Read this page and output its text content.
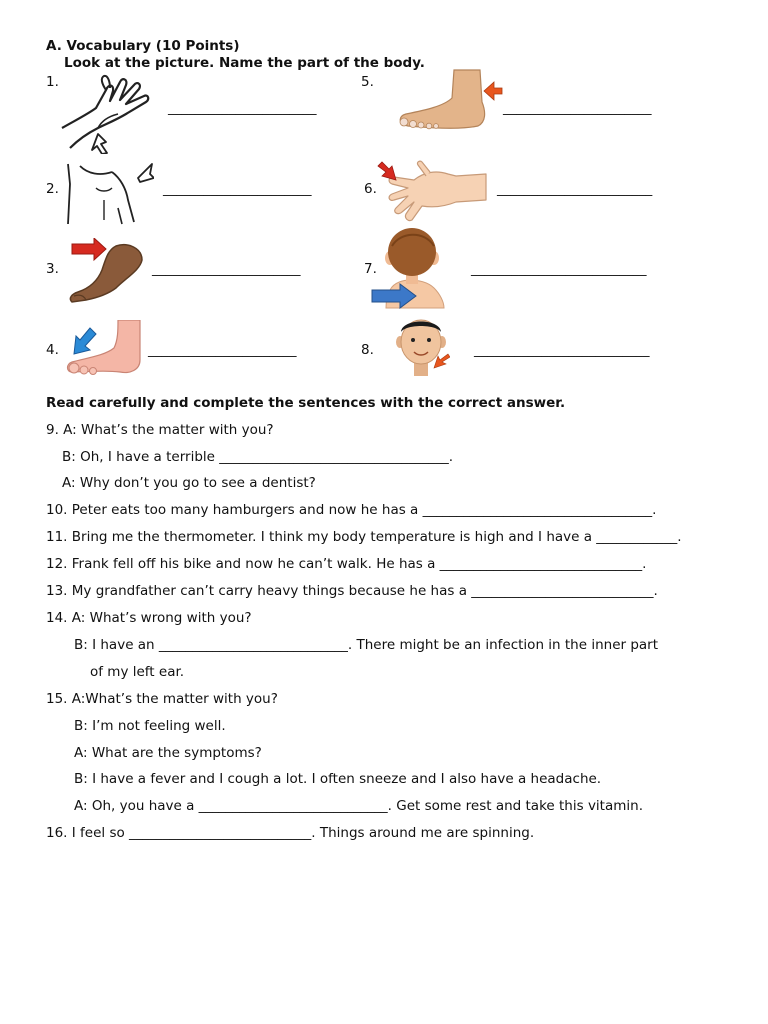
A. Vocabulary (10 Points)
Look at the picture. Name the part of the body.
1.
2.
3.
4.
5.
6.
7.
8.
______________________
______________________
______________________
______________________
______________________
_______________________
__________________________
__________________________
Read carefully and complete the sentences with the correct answer.
9. A: What’s the matter with you?
B: Oh, I have a terrible __________________________________.
A: Why don’t you go to see a dentist?
10. Peter eats too many hamburgers and now he has a __________________________________.
11. Bring me the thermometer. I think my body temperature is high and I have a ____________.
12. Frank fell off his bike and now he can’t walk. He has a ______________________________.
13. My grandfather can’t carry heavy things because he has a ___________________________.
14. A: What’s wrong with you?
B: I have an ____________________________. There might be an infection in the inner part
of my left ear.
15. A:What’s the matter with you?
B: I’m not feeling well.
A: What are the symptoms?
B: I have a fever and I cough a lot. I often sneeze and I also have a headache.
A: Oh, you have a ____________________________. Get some rest and take this vitamin.
16. I feel so ___________________________. Things around me are spinning.
